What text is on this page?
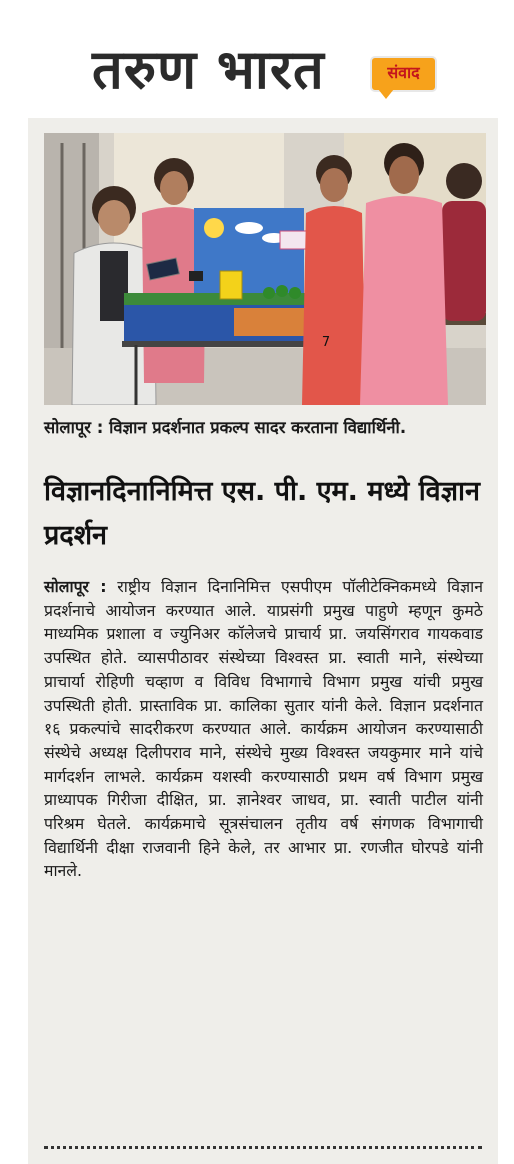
तरुण भारत	संवाद
7
सोलापूर : विज्ञान प्रदर्शनात प्रकल्प सादर करताना विद्यार्थिनी.
विज्ञानदिनानिमित्त एस. पी. एम. मध्ये विज्ञान प्रदर्शन
सोलापूर : राष्ट्रीय विज्ञान दिनानिमित्त एसपीएम पॉलीटेक्निकमध्ये विज्ञान प्रदर्शनाचे आयोजन करण्यात आले. याप्रसंगी प्रमुख पाहुणे म्हणून कुमठे माध्यमिक प्रशाला व ज्युनिअर कॉलेजचे प्राचार्य प्रा. जयसिंगराव गायकवाड उपस्थित होते. व्यासपीठावर संस्थेच्या विश्वस्त प्रा. स्वाती माने, संस्थेच्या प्राचार्या रोहिणी चव्हाण व विविध विभागाचे विभाग प्रमुख यांची प्रमुख उपस्थिती होती. प्रास्ताविक प्रा. कालिका सुतार यांनी केले. विज्ञान प्रदर्शनात १६ प्रकल्पांचे सादरीकरण करण्यात आले. कार्यक्रम आयोजन करण्यासाठी संस्थेचे अध्यक्ष दिलीपराव माने, संस्थेचे मुख्य विश्वस्त जयकुमार माने यांचे मार्गदर्शन लाभले. कार्यक्रम यशस्वी करण्यासाठी प्रथम वर्ष विभाग प्रमुख प्राध्यापक गिरीजा दीक्षित, प्रा. ज्ञानेश्वर जाधव, प्रा. स्वाती पाटील यांनी परिश्रम घेतले. कार्यक्रमाचे सूत्रसंचालन तृतीय वर्ष संगणक विभागाची विद्यार्थिनी दीक्षा राजवानी हिने केले, तर आभार प्रा. रणजीत घोरपडे यांनी मानले.
